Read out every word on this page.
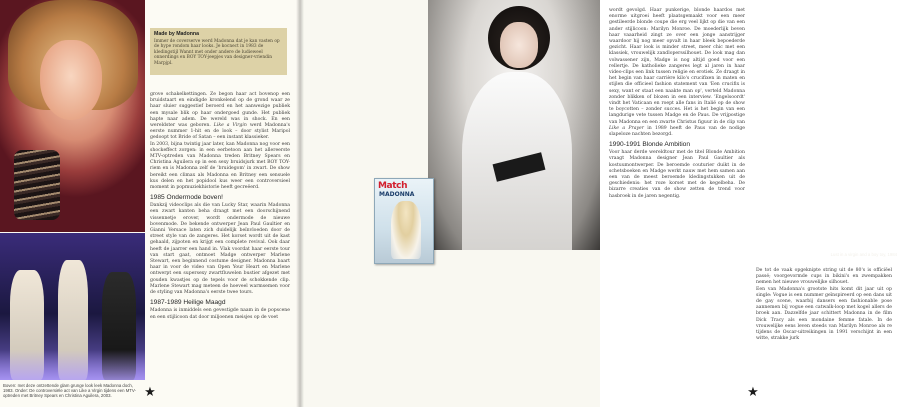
Made by Madonna
Immer de coverserve werd Madonna dat je kan vasten op de hype rondom haar looks. Je kocnect in 1983 de kledingstijl Wannt met onder andere de ludieweel onnerdings en BOY TOY-jeepjes van designer-vriendin Marpjpl.

grove schakelkettingen. Ze begon haar act bovenop een bruidstaart en eindigde kronkelend op de grond waar ze haar sluier suggestief beroerd en het aanwezige publiek een mysale blik op haar ondergoed gunde. Het publiek hapte naar adem. De wereld was in shock. En een wereldster was geboren. Like a Virgin werd Madonna's eerste nummer 1-hit en de look – door stylist Maripol gedoopt tot Bride of Satan – een instant klassieker.

In 2003, bijna twintig jaar later, kan Madonna nog voor een shockeffect zorgen: in een eerbetoon aan het allereerste MTV-optreden van Madonna treden Britney Spears en Christina Aguilera op in een sexy bruidsjurk met BOY TOY-riem en is Madonna zelf de 'bruidegom' in zwart. De show bereikt een climax als Madonna en Britney een sensuele kus delen en het popidool kus weer een controversieel moment in popmuziekhistorie heeft gecreëerd.

1985 Ondermode boven!

Dankzij videoclips als die van Lucky Star, waarin Madonna een zwart kanten beha draagt met een doorschijnend vissennetje erover, wordt ondermode de nieuwe bovenmode. De bekende ontwerper Jean Paul Gaultier en Gianni Versace laten zich duidelijk beïnvloeden door de street style van de zangeres. Het korset wordt uit de kast gehaald, zijpoten en krijgt een complete revival. Ook daar heeft de jaarrer een hand in. Vlak voordat haar eerste tour van start gaat, ontmoet Madge ontwerper Marlene Stewart, een beginnend costume designer. Madonna baart haar in voor de video van Open Your Heart en Marlene ontwerpt een supersexy zwartfluwelen bustier afgezet met gouden kwastjes op de tepels voor de schokkende clip. Marlene Stewart mag meteen de hoeveel warmsemen voor de styling van Madonna's eerste twee tours.

1987-1989 Heilige Maagd

Madonna is inmiddels een gevestigde naam in de popscene en een stijlicoon dat door miljoenen meisjes op de voet

Boven: met deze ontzettende glam grunge look leek Madonna doch, 1983. Onder: De controversiële act van Like a Virgin tijdens een MTV-optreden met Britney Spears en Christina Aguilera, 2003.	★

wordt gevolgd. Haar punkerige, blonde haardos met enorme uitgroei heeft plaatsgemaakt voor een meer gestileerde blonde coupe die erg veel lijkt op die van een ander stijlicoon: Marilyn Monroe. De moederlijk beven haar vaaarheid zingt ze over een jonge aanstrijger waardoor hij nog meer opvalt in haar bleek bepoederde gezicht. Haar look is minder street, meer chic met een klassiek, vrouwelijk zandloperssilhouet. De look mag dan volwassener zijn, Madge is nog altijd goed voor een rellertje. De katholieke zangeres legt al jaren in haar video-clips een link tussen religie en erotiek. Ze draagt in het begin van haar carrière kilo's crucifixen in maten en stijlen die officieel fashion statement van 'Een crucifix is sexy, want er staat een naakte man op', verteld Madonna zonder blikken of blozen in een interview. 'Engelsoordt' vindt het Vaticaan en roept alle fans in Italië op de show te boycotten – zonder succes. Het is het begin van een langdurige vete tussen Madge en de Paus. De vrijpostige van Madonna en een zwarte Christus figuur in de clip van Like a Prayer in 1989 heeft de Paus van de nodige slapeloze nachten bezorgd.

1990-1991 Blonde Ambition

Voor haar derde wereldtour met de titel Blonde Ambition vraagt Madonna designer Jean Paul Gaultier als kostuumontwerper. De beroemde couturier duikt in de schetsboeken en Madge werkt nauw met hem samen aan een van de meest beroemde kledingstukken uit de geschiedenis: het roze korset met de kegelbeha. De bizarre creaties van de show zetten de trend voor hasbroek in de jaren negentig.

Lust in a virgin and a boy toy, 1984
Match
MADONNA

De tot de vaak opgeknipte string uit de 80's is officiëel passé; voorgevormde cups in bikini's en zwempakken nemen het nieuwe vrouwelijke silhouet.

Een van Madonna's grootste hits komt dit jaar uit op single: Vogue is een nummer geïnspireerd op een dans uit de gay scene, waarbij dansers een fashionable pose aannemen bij vogue een catwalk-loop met kogel allers de broek aan. Dazzelfde jaar schittert Madonna in de film Dick Tracy als een mondaine femme fatale. In de vrouwelijke eens leven steeds van Marilyn Monroe als re tijdens de Oscar-uitreikingen in 1991 verschijnt in een witte, strakke jurk

★
